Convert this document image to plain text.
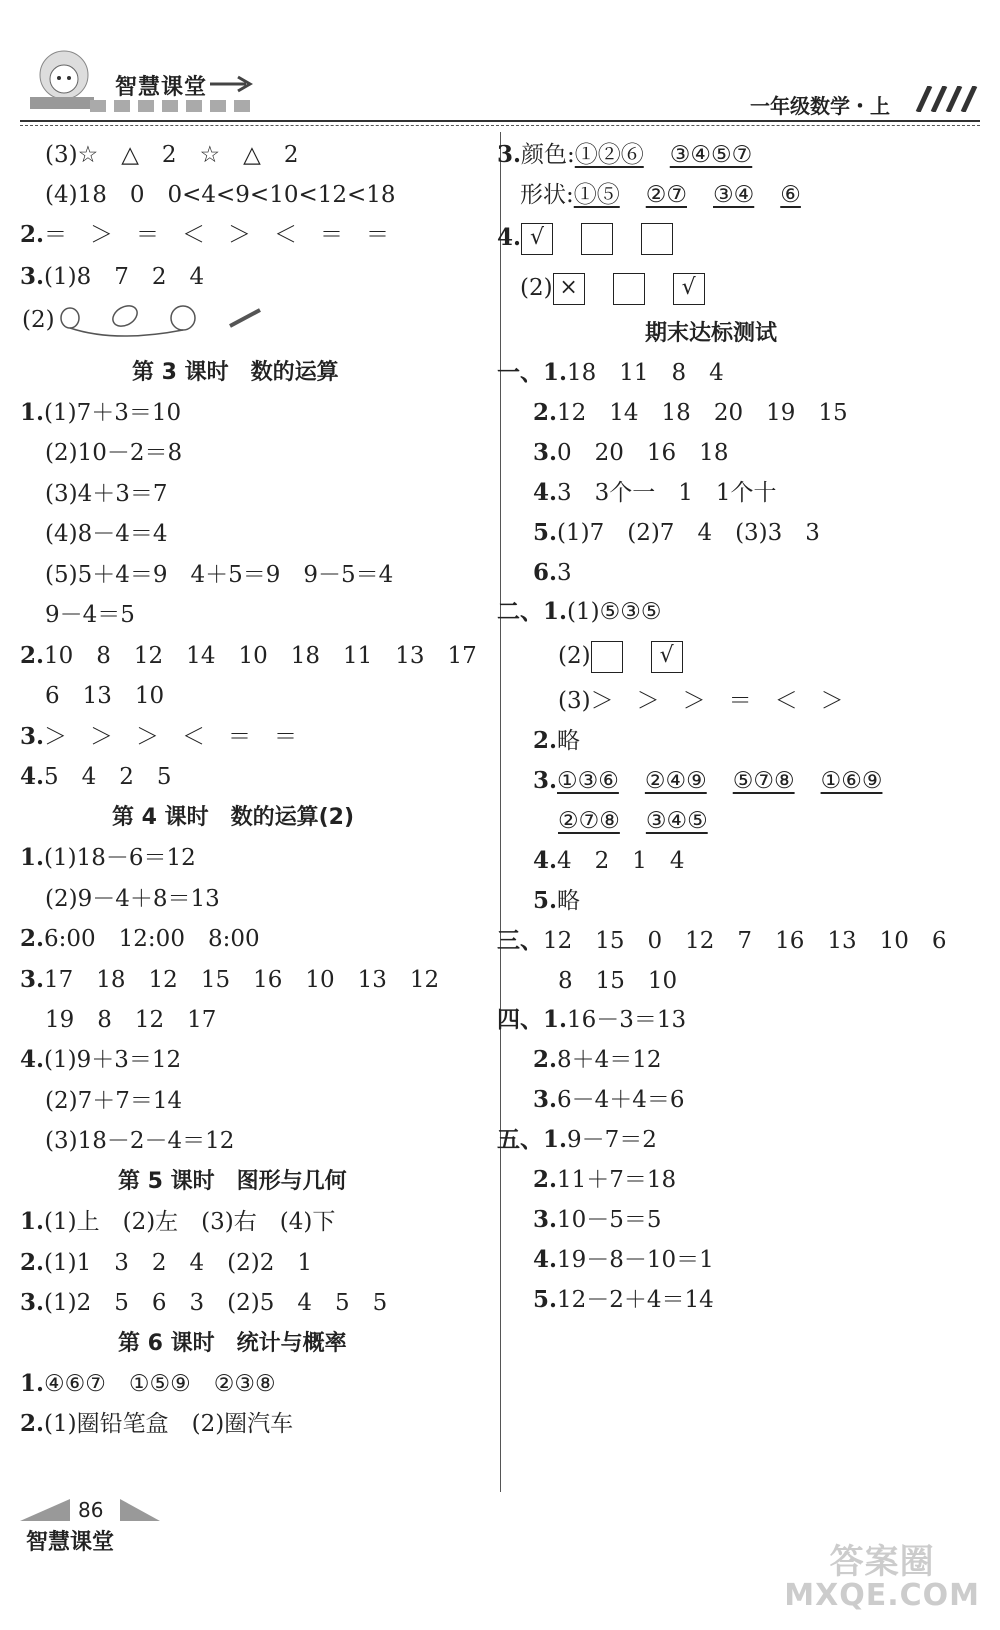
智慧课堂
一年级数学・上
(3)☆　△　2　☆　△　2
(4)18　0　0<4<9<10<12<18
2.＝　＞　＝　＜　＞　＜　＝　＝
3.(1)8　7　2　4
(2)
第 3 课时　数的运算
1.(1)7＋3＝10
(2)10－2＝8
(3)4＋3＝7
(4)8－4＝4
(5)5＋4＝9　4＋5＝9　9－5＝4
9－4＝5
2.10　8　12　14　10　18　11　13　17
6　13　10
3.＞　＞　＞　＜　＝　＝
4.5　4　2　5
第 4 课时　数的运算(2)
1.(1)18－6＝12
(2)9－4＋8＝13
2.6:00　12:00　8:00
3.17　18　12　15　16　10　13　12
19　8　12　17
4.(1)9＋3＝12
(2)7＋7＝14
(3)18－2－4＝12
第 5 课时　图形与几何
1.(1)上　(2)左　(3)右　(4)下
2.(1)1　3　2　4　(2)2　1
3.(1)2　5　6　3　(2)5　4　5　5
第 6 课时　统计与概率
1.④⑥⑦　①⑤⑨　②③⑧
2.(1)圈铅笔盒　(2)圈汽车
3.颜色:①②⑥ ③④⑤⑦
形状:①⑤ ②⑦ ③④ ⑥
4. √
(2) ×	√
期末达标测试
一、1.18　11　8　4
2.12　14　18　20　19　15
3.0　20　16　18
4.3　3个一　1　1个十
5.(1)7　(2)7　4　(3)3　3
6.3
二、1.(1)⑤③⑤
(2)	√
(3)＞　＞　＞　＝　＜　＞
2.略
3.①③⑥ ②④⑨ ⑤⑦⑧ ①⑥⑨
②⑦⑧ ③④⑤
4.4　2　1　4
5.略
三、12　15　0　12　7　16　13　10　6
8　15　10
四、1.16－3＝13
2.8＋4＝12
3.6－4＋4＝6
五、1.9－7＝2
2.11＋7＝18
3.10－5＝5
4.19－8－10＝1
5.12－2＋4＝14
86
智慧课堂	答案圈
MXQE.COM
